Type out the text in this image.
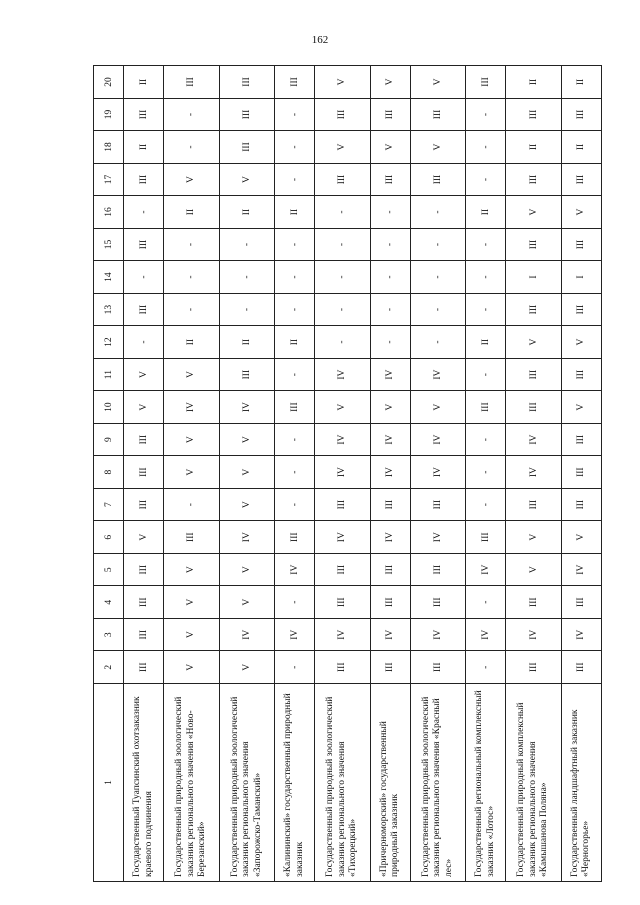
162
1	2	3	4	5	6	7	8	9	10	11	12	13	14	15	16	17	18	19	20
Государственный Туапсинский охотзаказник краевого подчинения	III	III	III	III	V	III	III	III	V	V	-	III	-	III	-	III	II	III	II
Государственный природный зоологический заказник регионального значения «Ново-Березанский»	V	V	V	V	III	-	V	V	IV	V	II	-	-	-	II	V	-	-	III
Государственный природный зоологический заказник регионального значения «Запорожско-Таманский»	V	IV	V	V	IV	V	V	V	IV	III	II	-	-	-	II	V	III	III	III
«Калининский» государственный природный заказник	-	IV	-	IV	III	-	-	-	III	-	II	-	-	-	II	-	-	-	III
Государственный природный зоологический заказник регионального значения «Тихорецкий»	III	IV	III	III	IV	III	IV	IV	V	IV	-	-	-	-	-	III	V	III	V
«Причерноморский» государственный природный заказник	III	IV	III	III	IV	III	IV	IV	V	IV	-	-	-	-	-	III	V	III	V
Государственный природный зоологический заказник регионального значения «Красный лес»	III	IV	III	III	IV	III	IV	IV	V	IV	-	-	-	-	-	III	V	III	V
Государственный региональный комплексный заказник «Лотос»	-	IV	-	IV	III	-	-	-	III	-	II	-	-	-	II	-	-	-	III
Государственный природный комплексный заказник регионального значения «Камышанова Поляна»	III	IV	III	V	V	III	IV	IV	III	III	V	III	I	III	V	III	II	III	II
Государственный ландшафтный заказник «Черногорье»	III	IV	III	IV	V	III	III	III	V	III	V	III	I	III	V	III	II	III	II
